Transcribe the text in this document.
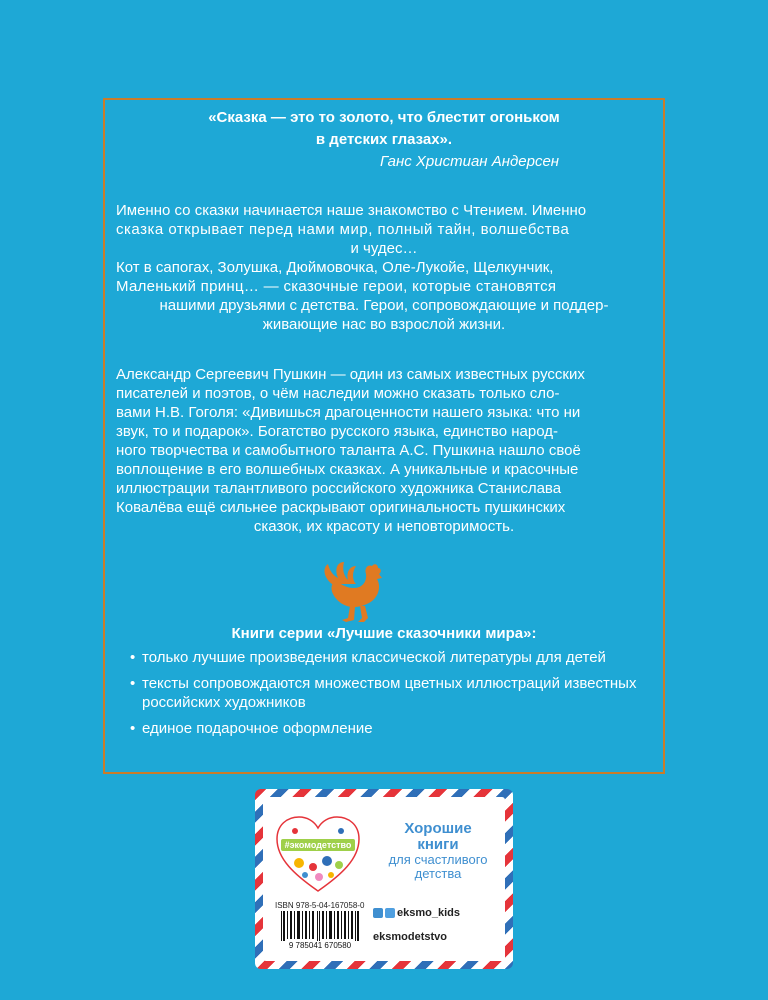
«Сказка — это то золото, что блестит огоньком
в детских глазах».
Ганс Христиан Андерсен
Именно со сказки начинается наше знакомство с Чтением. Именно
сказка открывает перед нами мир, полный тайн, волшебства
и чудес…
Кот в сапогах, Золушка, Дюймовочка, Оле-Лукойе, Щелкунчик,
Маленький принц… — сказочные герои, которые становятся
нашими друзьями с детства. Герои, сопровождающие и поддер-
живающие нас во взрослой жизни.
Александр Сергеевич Пушкин — один из самых известных русских
писателей и поэтов, о чём наследии можно сказать только сло-
вами Н.В. Гоголя: «Дивишься драгоценности нашего языка: что ни
звук, то и подарок». Богатство русского языка, единство народ-
ного творчества и самобытного таланта А.С. Пушкина нашло своё
воплощение в его волшебных сказках. А уникальные и красочные
иллюстрации талантливого российского художника Станислава
Ковалёва ещё сильнее раскрывают оригинальность пушкинских
сказок, их красоту и неповторимость.
Книги серии «Лучшие сказочники мира»:
• только лучшие произведения классической литературы для детей
• тексты сопровождаются множеством цветных иллюстраций известных российских художников
• единое подарочное оформление
#экомодетство
Хорошие
книги
для счастливого
детства
ISBN 978-5-04-167058-0
9 785041 670580
eksmo_kids
eksmodetstvo
